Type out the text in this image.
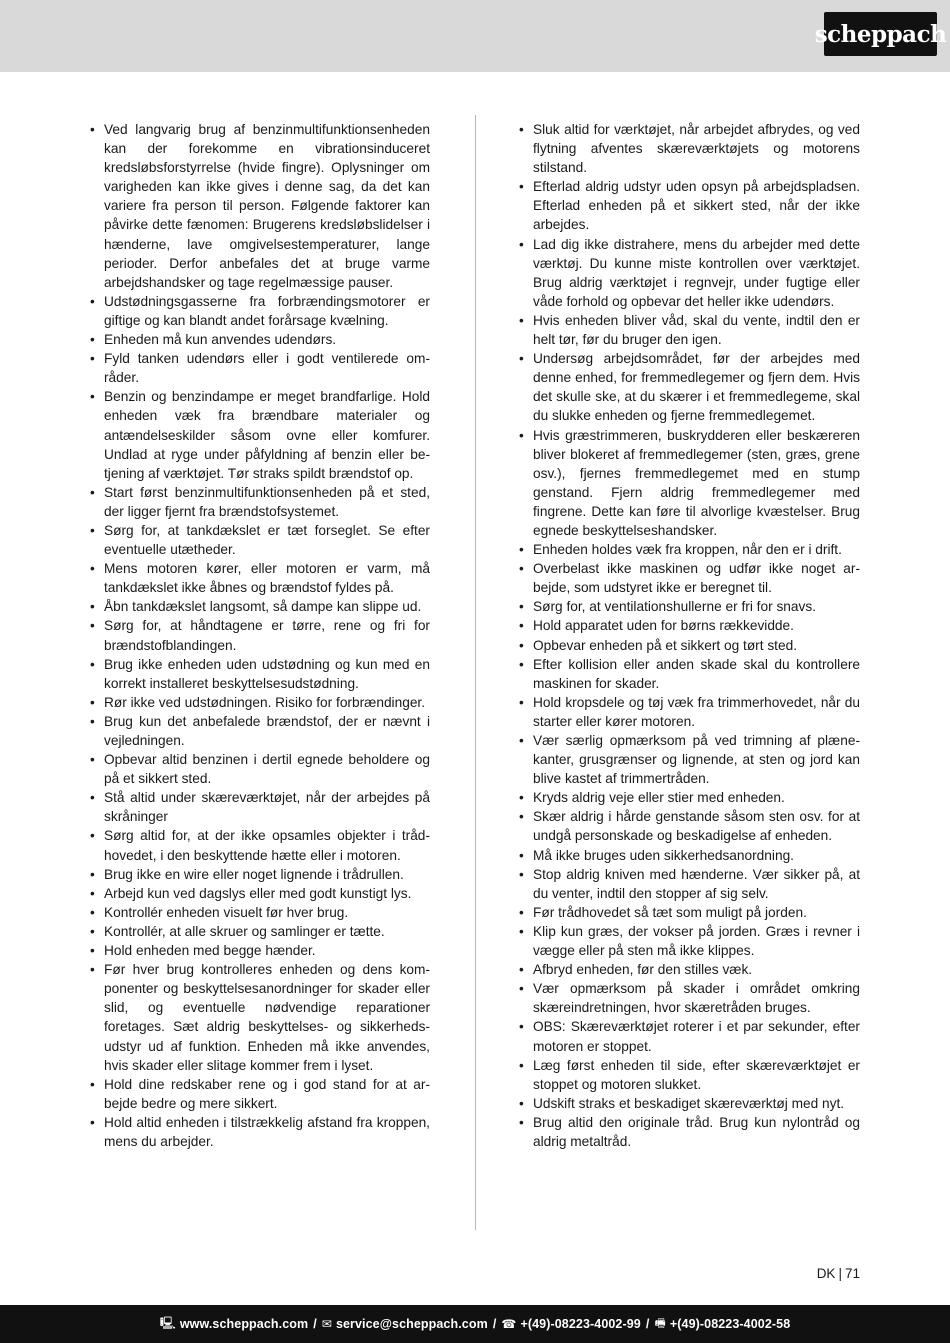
scheppach
• Ved langvarig brug af benzinmultifunktionsenheden kan der forekomme en vibrationsinduceret kredsløbsforstyrrelse (hvide fingre). Oplysninger om varigheden kan ikke gives i denne sag, da det kan variere fra person til person. Følgende faktorer kan påvirke dette fænomen: Brugerens kredsløbslidelser i hænderne, lave omgivelsestemperaturer, lange perioder. Derfor anbefales det at bruge varme arbejdshandsker og tage regelmæssige pauser.
• Udstødningsgasserne fra forbrændingsmotorer er giftige og kan blandt andet forårsage kvælning.
• Enheden må kun anvendes udendørs.
• Fyld tanken udendørs eller i godt ventilerede områder.
• Benzin og benzindampe er meget brandfarlige. Hold enheden væk fra brændbare materialer og antændelseskilder såsom ovne eller komfurer. Undlad at ryge under påfyldning af benzin eller betjening af værktøjet. Tør straks spildt brændstof op.
• Start først benzinmultifunktionsenheden på et sted, der ligger fjernt fra brændstofsystemet.
• Sørg for, at tankdækslet er tæt forseglet. Se efter eventuelle utætheder.
• Mens motoren kører, eller motoren er varm, må tankdækslet ikke åbnes og brændstof fyldes på.
• Åbn tankdækslet langsomt, så dampe kan slippe ud.
• Sørg for, at håndtagene er tørre, rene og fri for brændstofblandingen.
• Brug ikke enheden uden udstødning og kun med en korrekt installeret beskyttelsesudstødning.
• Rør ikke ved udstødningen. Risiko for forbrændinger.
• Brug kun det anbefalede brændstof, der er nævnt i vejledningen.
• Opbevar altid benzinen i dertil egnede beholdere og på et sikkert sted.
• Stå altid under skæreværktøjet, når der arbejdes på skråninger
• Sørg altid for, at der ikke opsamles objekter i trådhovedet, i den beskyttende hætte eller i motoren.
• Brug ikke en wire eller noget lignende i trådrullen.
• Arbejd kun ved dagslys eller med godt kunstigt lys.
• Kontrollér enheden visuelt før hver brug.
• Kontrollér, at alle skruer og samlinger er tætte.
• Hold enheden med begge hænder.
• Før hver brug kontrolleres enheden og dens komponenter og beskyttelsesanordninger for skader eller slid, og eventuelle nødvendige reparationer foretages. Sæt aldrig beskyttelses- og sikkerhedsudstyr ud af funktion. Enheden må ikke anvendes, hvis skader eller slitage kommer frem i lyset.
• Hold dine redskaber rene og i god stand for at arbejde bedre og mere sikkert.
• Hold altid enheden i tilstrækkelig afstand fra kroppen, mens du arbejder.
• Sluk altid for værktøjet, når arbejdet afbrydes, og ved flytning afventes skæreværktøjets og motorens stilstand.
• Efterlad aldrig udstyr uden opsyn på arbejdspladsen. Efterlad enheden på et sikkert sted, når der ikke arbejdes.
• Lad dig ikke distrahere, mens du arbejder med dette værktøj. Du kunne miste kontrollen over værktøjet. Brug aldrig værktøjet i regnvejr, under fugtige eller våde forhold og opbevar det heller ikke udendørs.
• Hvis enheden bliver våd, skal du vente, indtil den er helt tør, før du bruger den igen.
• Undersøg arbejdsområdet, før der arbejdes med denne enhed, for fremmedlegemer og fjern dem. Hvis det skulle ske, at du skærer i et fremmedlegeme, skal du slukke enheden og fjerne fremmedlegemet.
• Hvis græstrimmeren, buskrydderen eller beskæreren bliver blokeret af fremmedlegemer (sten, græs, grene osv.), fjernes fremmedlegemet med en stump genstand. Fjern aldrig fremmedlegemer med fingrene. Dette kan føre til alvorlige kvæstelser. Brug egnede beskyttelseshandsker.
• Enheden holdes væk fra kroppen, når den er i drift.
• Overbelast ikke maskinen og udfør ikke noget arbejde, som udstyret ikke er beregnet til.
• Sørg for, at ventilationshullerne er fri for snavs.
• Hold apparatet uden for børns rækkevidde.
• Opbevar enheden på et sikkert og tørt sted.
• Efter kollision eller anden skade skal du kontrollere maskinen for skader.
• Hold kropsdele og tøj væk fra trimmerhovedet, når du starter eller kører motoren.
• Vær særlig opmærksom på ved trimning af plænekanter, grusgrænser og lignende, at sten og jord kan blive kastet af trimmertråden.
• Kryds aldrig veje eller stier med enheden.
• Skær aldrig i hårde genstande såsom sten osv. for at undgå personskade og beskadigelse af enheden.
• Må ikke bruges uden sikkerhedsanordning.
• Stop aldrig kniven med hænderne. Vær sikker på, at du venter, indtil den stopper af sig selv.
• Før trådhovedet så tæt som muligt på jorden.
• Klip kun græs, der vokser på jorden. Græs i revner i vægge eller på sten må ikke klippes.
• Afbryd enheden, før den stilles væk.
• Vær opmærksom på skader i området omkring skæreindretningen, hvor skæretråden bruges.
• OBS: Skæreværktøjet roterer i et par sekunder, efter motoren er stoppet.
• Læg først enheden til side, efter skæreværktøjet er stoppet og motoren slukket.
• Udskift straks et beskadiget skæreværktøj med nyt.
• Brug altid den originale tråd. Brug kun nylontråd og aldrig metaltråd.
DK | 71
🖳 www.scheppach.com / ✉ service@scheppach.com / ☎ +(49)-08223-4002-99 / 🖷 +(49)-08223-4002-58
